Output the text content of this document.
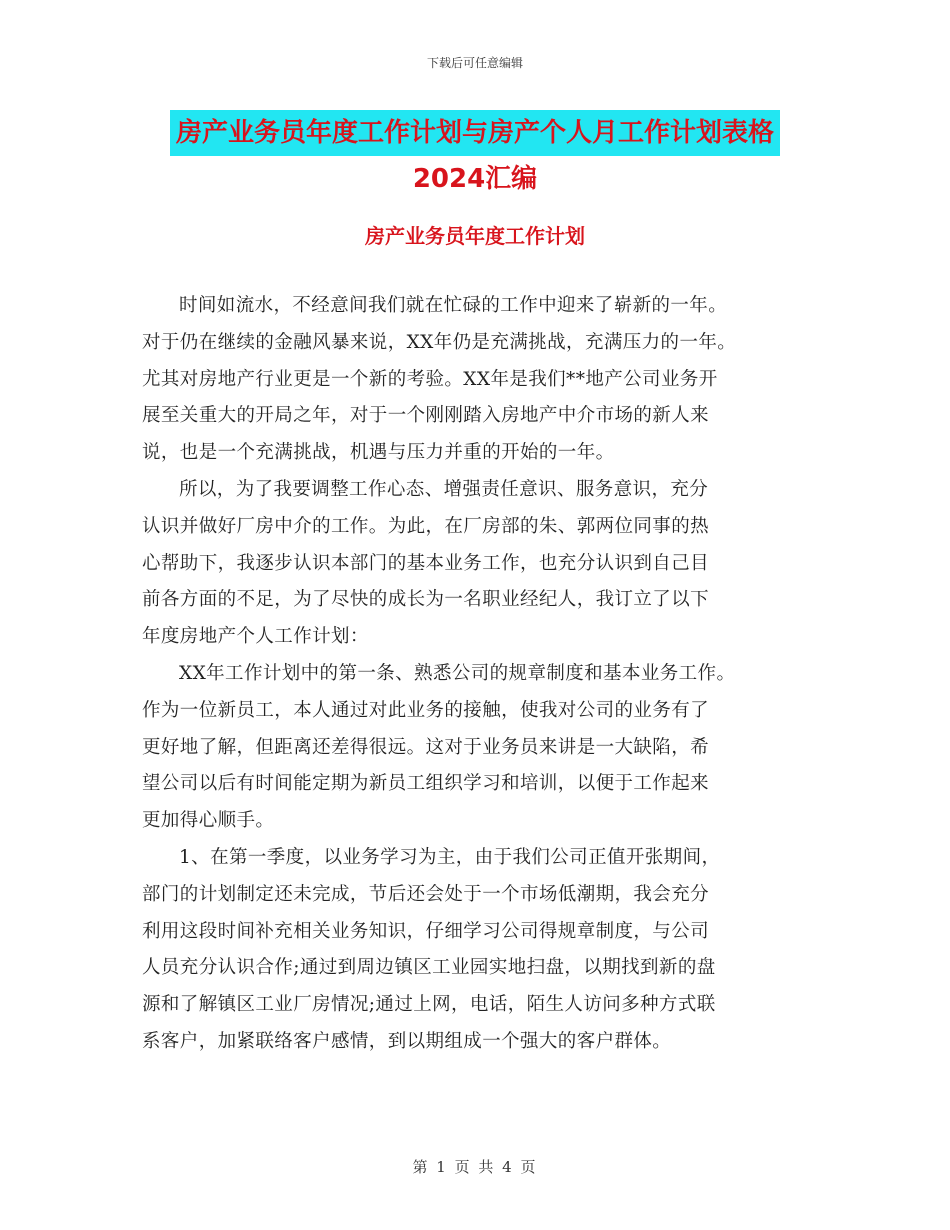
下载后可任意编辑
房产业务员年度工作计划与房产个人月工作计划表格
2024汇编
房产业务员年度工作计划
时间如流水，不经意间我们就在忙碌的工作中迎来了崭新的一年。
对于仍在继续的金融风暴来说，XX年仍是充满挑战，充满压力的一年。
尤其对房地产行业更是一个新的考验。XX年是我们**地产公司业务开
展至关重大的开局之年，对于一个刚刚踏入房地产中介市场的新人来
说，也是一个充满挑战，机遇与压力并重的开始的一年。
所以，为了我要调整工作心态、增强责任意识、服务意识，充分
认识并做好厂房中介的工作。为此，在厂房部的朱、郭两位同事的热
心帮助下，我逐步认识本部门的基本业务工作，也充分认识到自己目
前各方面的不足，为了尽快的成长为一名职业经纪人，我订立了以下
年度房地产个人工作计划：
XX年工作计划中的第一条、熟悉公司的规章制度和基本业务工作。
作为一位新员工，本人通过对此业务的接触，使我对公司的业务有了
更好地了解，但距离还差得很远。这对于业务员来讲是一大缺陷，希
望公司以后有时间能定期为新员工组织学习和培训，以便于工作起来
更加得心顺手。
1、在第一季度，以业务学习为主，由于我们公司正值开张期间，
部门的计划制定还未完成，节后还会处于一个市场低潮期，我会充分
利用这段时间补充相关业务知识，仔细学习公司得规章制度，与公司
人员充分认识合作;通过到周边镇区工业园实地扫盘，以期找到新的盘
源和了解镇区工业厂房情况;通过上网，电话，陌生人访问多种方式联
系客户，加紧联络客户感情，到以期组成一个强大的客户群体。
第 1 页 共 4 页
